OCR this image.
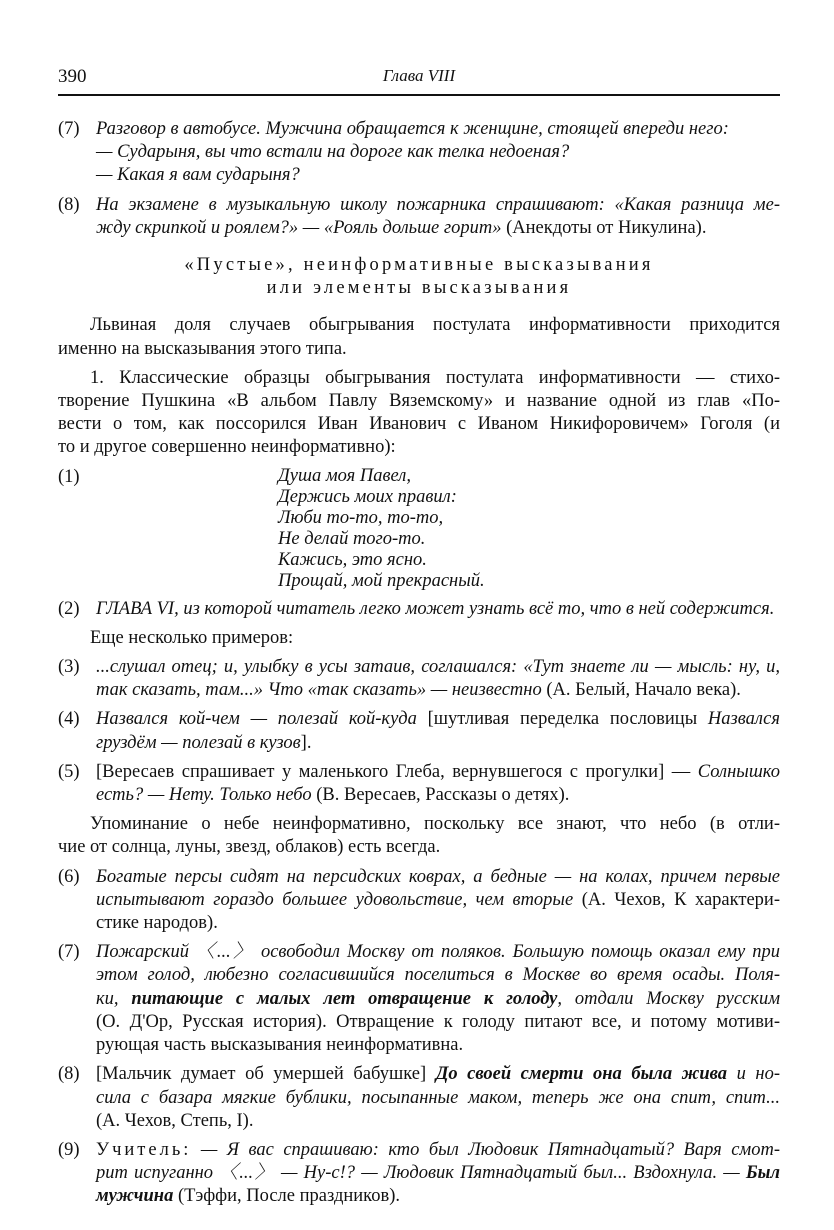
390	Глава VIII
(7) Разговор в автобусе. Мужчина обращается к женщине, стоящей впереди него:
— Сударыня, вы что встали на дороге как телка недоеная?
— Какая я вам сударыня?
(8) На экзамене в музыкальную школу пожарника спрашивают: «Какая разница ме-
жду скрипкой и роялем?» — «Рояль дольше горит» (Анекдоты от Никулина).
«Пустые», неинформативные высказывания
или элементы высказывания
Львиная доля случаев обыгрывания постулата информативности приходится
именно на высказывания этого типа.
1. Классические образцы обыгрывания постулата информативности — стихо-
творение Пушкина «В альбом Павлу Вяземскому» и название одной из глав «По-
вести о том, как поссорился Иван Иванович с Иваном Никифоровичем» Гоголя (и
то и другое совершенно неинформативно):
(1)	Душа моя Павел,
Держись моих правил:
Люби то-то, то-то,
Не делай того-то.
Кажись, это ясно.
Прощай, мой прекрасный.
(2) ГЛАВА VI, из которой читатель легко может узнать всё то, что в ней содержится.
Еще несколько примеров:
(3) ...слушал отец; и, улыбку в усы затаив, соглашался: «Тут знаете ли — мысль: ну, и,
так сказать, там...» Что «так сказать» — неизвестно (А. Белый, Начало века).
(4) Назвался кой-чем — полезай кой-куда [шутливая переделка пословицы Назвался
груздём — полезай в кузов].
(5) [Вересаев спрашивает у маленького Глеба, вернувшегося с прогулки] — Солнышко
есть? — Нету. Только небо (В. Вересаев, Рассказы о детях).
Упоминание о небе неинформативно, поскольку все знают, что небо (в отли-
чие от солнца, луны, звезд, облаков) есть всегда.
(6) Богатые персы сидят на персидских коврах, а бедные — на колах, причем первые
испытывают гораздо большее удовольствие, чем вторые (А. Чехов, К характери-
стике народов).
(7) Пожарский 〈...〉 освободил Москву от поляков. Большую помощь оказал ему при
этом голод, любезно согласившийся поселиться в Москве во время осады. Поля-
ки, питающие с малых лет отвращение к голоду, отдали Москву русским
(О. Д'Ор, Русская история). Отвращение к голоду питают все, и потому мотиви-
рующая часть высказывания неинформативна.
(8) [Мальчик думает об умершей бабушке] До своей смерти она была жива и но-
сила с базара мягкие бублики, посыпанные маком, теперь же она спит, спит...
(А. Чехов, Степь, I).
(9) Учитель: — Я вас спрашиваю: кто был Людовик Пятнадцатый? Варя смот-
рит испуганно 〈...〉 — Ну-с!? — Людовик Пятнадцатый был... Вздохнула. — Был
мужчина (Тэффи, После праздников).
